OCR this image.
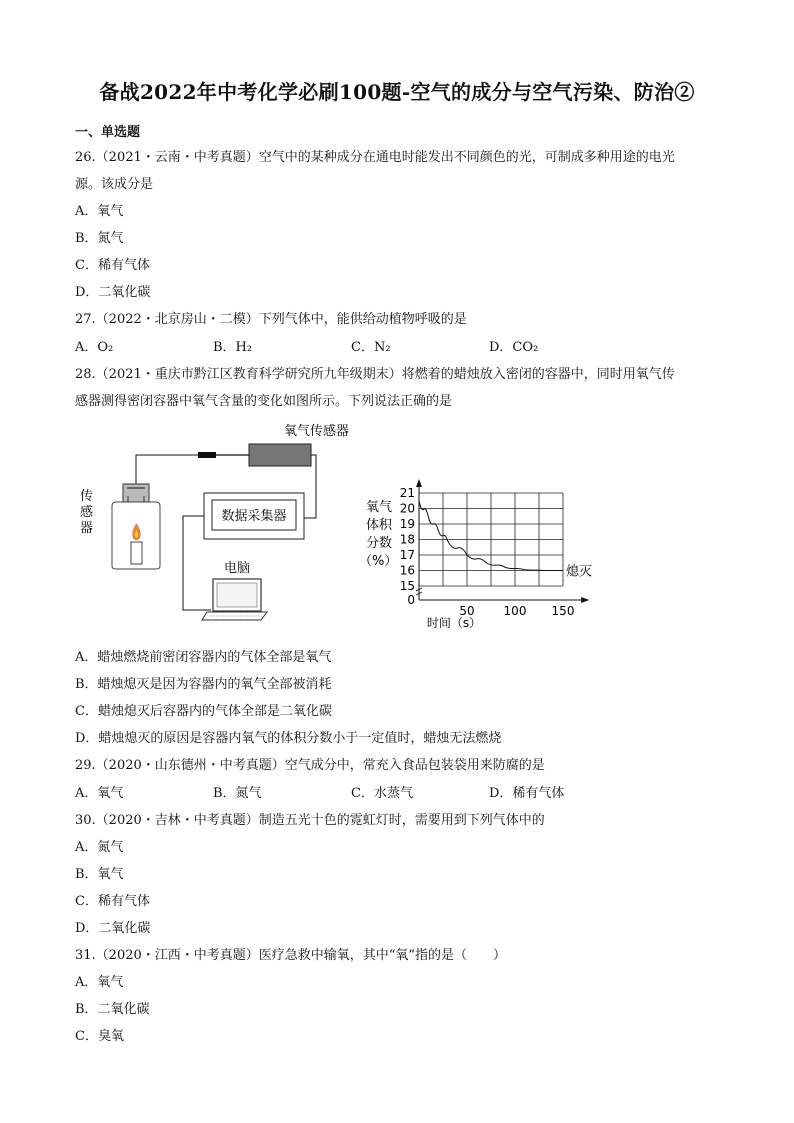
备战2022年中考化学必刷100题-空气的成分与空气污染、防治②
一、单选题
26.（2021・云南・中考真题）空气中的某种成分在通电时能发出不同颜色的光，可制成多种用途的电光
源。该成分是
A．氧气
B．氮气
C．稀有气体
D．二氧化碳
27.（2022・北京房山・二模）下列气体中，能供给动植物呼吸的是
A．O₂	B．H₂	C．N₂	D．CO₂
28.（2021・重庆市黔江区教育科学研究所九年级期末）将燃着的蜡烛放入密闭的容器中，同时用氧气传
感器测得密闭容器中氧气含量的变化如图所示。下列说法正确的是
氧气传感器
传感器
数据采集器
电脑
氧气 体积 分数 （%）
时间（s）
熄灭
0
15
16
17
18
19
20
21
50 100 150
A．蜡烛燃烧前密闭容器内的气体全部是氧气
B．蜡烛熄灭是因为容器内的氧气全部被消耗
C．蜡烛熄灭后容器内的气体全部是二氧化碳
D．蜡烛熄灭的原因是容器内氧气的体积分数小于一定值时，蜡烛无法燃烧
29.（2020・山东德州・中考真题）空气成分中，常充入食品包装袋用来防腐的是
A．氧气	B．氮气	C．水蒸气	D．稀有气体
30.（2020・吉林・中考真题）制造五光十色的霓虹灯时，需要用到下列气体中的
A．氮气
B．氧气
C．稀有气体
D．二氧化碳
31.（2020・江西・中考真题）医疗急救中输氧，其中“氧”指的是（　　）
A．氧气
B．二氧化碳
C．臭氧
